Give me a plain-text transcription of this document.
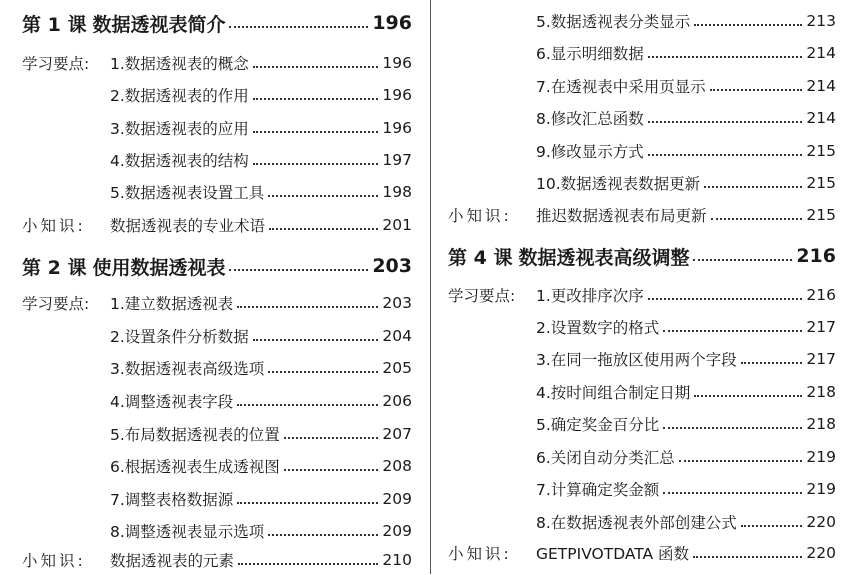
第 1 课 数据透视表简介	196
学习要点:	1.数据透视表的概念	196
2.数据透视表的作用	196
3.数据透视表的应用	196
4.数据透视表的结构	197
5.数据透视表设置工具	198
小知识:	数据透视表的专业术语	201
第 2 课 使用数据透视表	203
学习要点:	1.建立数据透视表	203
2.设置条件分析数据	204
3.数据透视表高级选项	205
4.调整透视表字段	206
5.布局数据透视表的位置	207
6.根据透视表生成透视图	208
7.调整表格数据源	209
8.调整透视表显示选项	209
小知识:	数据透视表的元素	210
5.数据透视表分类显示	213
6.显示明细数据	214
7.在透视表中采用页显示	214
8.修改汇总函数	214
9.修改显示方式	215
10.数据透视表数据更新	215
小知识:	推迟数据透视表布局更新	215
第 4 课 数据透视表高级调整	216
学习要点:	1.更改排序次序	216
2.设置数字的格式	217
3.在同一拖放区使用两个字段	217
4.按时间组合制定日期	218
5.确定奖金百分比	218
6.关闭自动分类汇总	219
7.计算确定奖金额	219
8.在数据透视表外部创建公式	220
小知识:	GETPIVOTDATA 函数	220
